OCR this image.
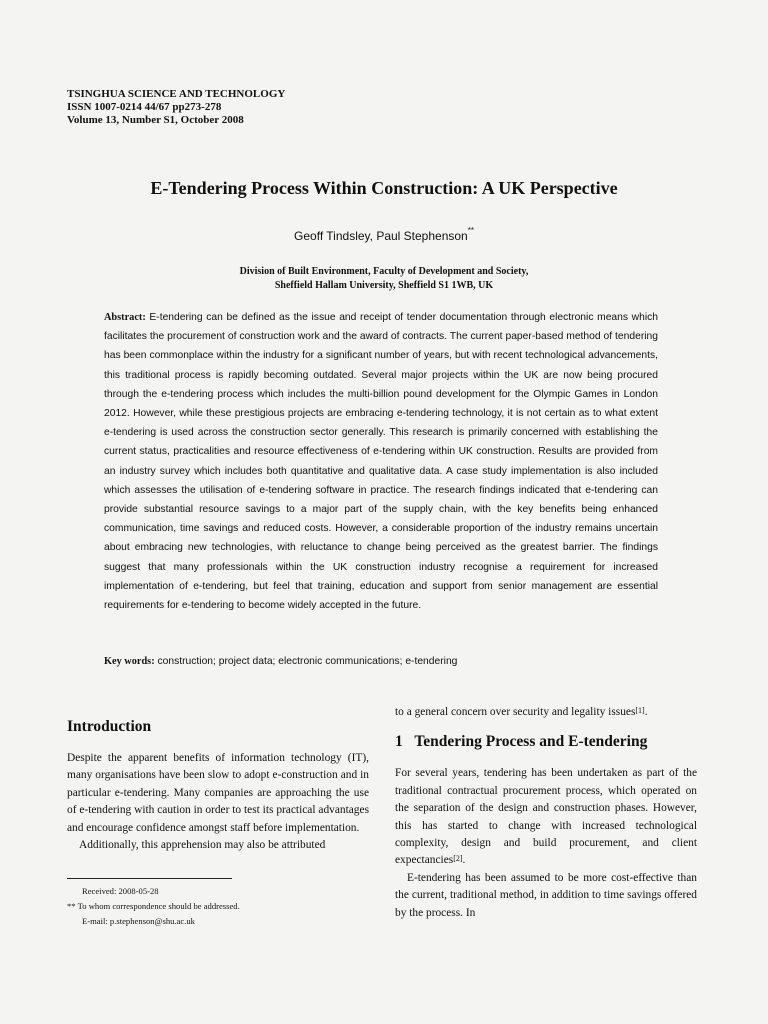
TSINGHUA SCIENCE AND TECHNOLOGY
ISSN 1007-0214 44/67 pp273-278
Volume 13, Number S1, October 2008
E-Tendering Process Within Construction: A UK Perspective
Geoff Tindsley, Paul Stephenson**
Division of Built Environment, Faculty of Development and Society,
Sheffield Hallam University, Sheffield S1 1WB, UK
Abstract: E-tendering can be defined as the issue and receipt of tender documentation through electronic means which facilitates the procurement of construction work and the award of contracts. The current paper-based method of tendering has been commonplace within the industry for a significant number of years, but with recent technological advancements, this traditional process is rapidly becoming outdated. Several major projects within the UK are now being procured through the e-tendering process which includes the multi-billion pound development for the Olympic Games in London 2012. However, while these prestigious projects are embracing e-tendering technology, it is not certain as to what extent e-tendering is used across the construction sector generally. This research is primarily concerned with establishing the current status, practicalities and resource effectiveness of e-tendering within UK construction. Results are provided from an industry survey which includes both quantitative and qualitative data. A case study implementation is also included which assesses the utilisation of e-tendering software in practice. The research findings indicated that e-tendering can provide substantial resource savings to a major part of the supply chain, with the key benefits being enhanced communication, time savings and reduced costs. However, a considerable proportion of the industry remains uncertain about embracing new technologies, with reluctance to change being perceived as the greatest barrier. The findings suggest that many professionals within the UK construction industry recognise a requirement for increased implementation of e-tendering, but feel that training, education and support from senior management are essential requirements for e-tendering to become widely accepted in the future.
Key words: construction; project data; electronic communications; e-tendering
Introduction

Despite the apparent benefits of information technology (IT), many organisations have been slow to adopt e-construction and in particular e-tendering. Many companies are approaching the use of e-tendering with caution in order to test its practical advantages and encourage confidence amongst staff before implementation.

Additionally, this apprehension may also be attributed

to a general concern over security and legality issues[1].
1 Tendering Process and E-tendering

For several years, tendering has been undertaken as part of the traditional contractual procurement process, which operated on the separation of the design and construction phases. However, this has started to change with increased technological complexity, design and build procurement, and client expectancies[2].

E-tendering has been assumed to be more cost-effective than the current, traditional method, in addition to time savings offered by the process. In

Received: 2008-05-28
** To whom correspondence should be addressed.
E-mail: p.stephenson@shu.ac.uk
